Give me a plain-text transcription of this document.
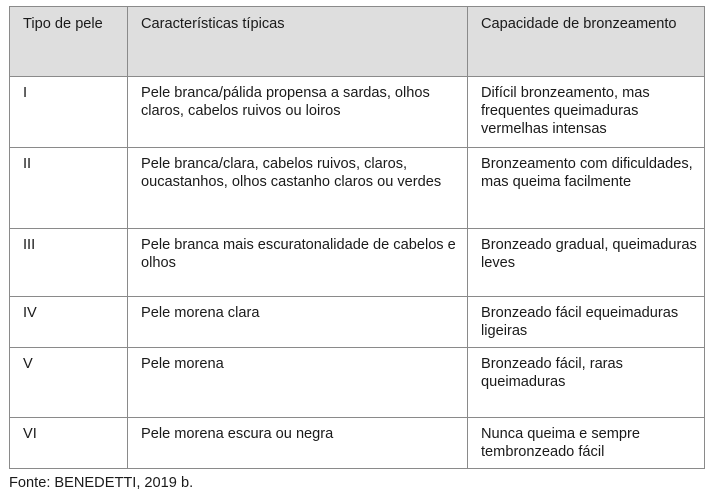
Tipo de pele	Características típicas	Capacidade de bronzeamento
I	Pele branca/pálida propensa a sardas, olhos claros, cabelos ruivos ou loiros	Difícil bronzeamento, mas frequentes queimaduras vermelhas intensas
II	Pele branca/clara, cabelos ruivos, claros, oucastanhos, olhos castanho claros ou verdes	Bronzeamento com dificuldades, mas queima facilmente
III	Pele branca mais escuratonalidade de cabelos e olhos	Bronzeado gradual, queimaduras leves
IV	Pele morena clara	Bronzeado fácil equeimaduras ligeiras
V	Pele morena	Bronzeado fácil, raras queimaduras
VI	Pele morena escura ou negra	Nunca queima e sempre tembronzeado fácil
Fonte: BENEDETTI, 2019 b.
